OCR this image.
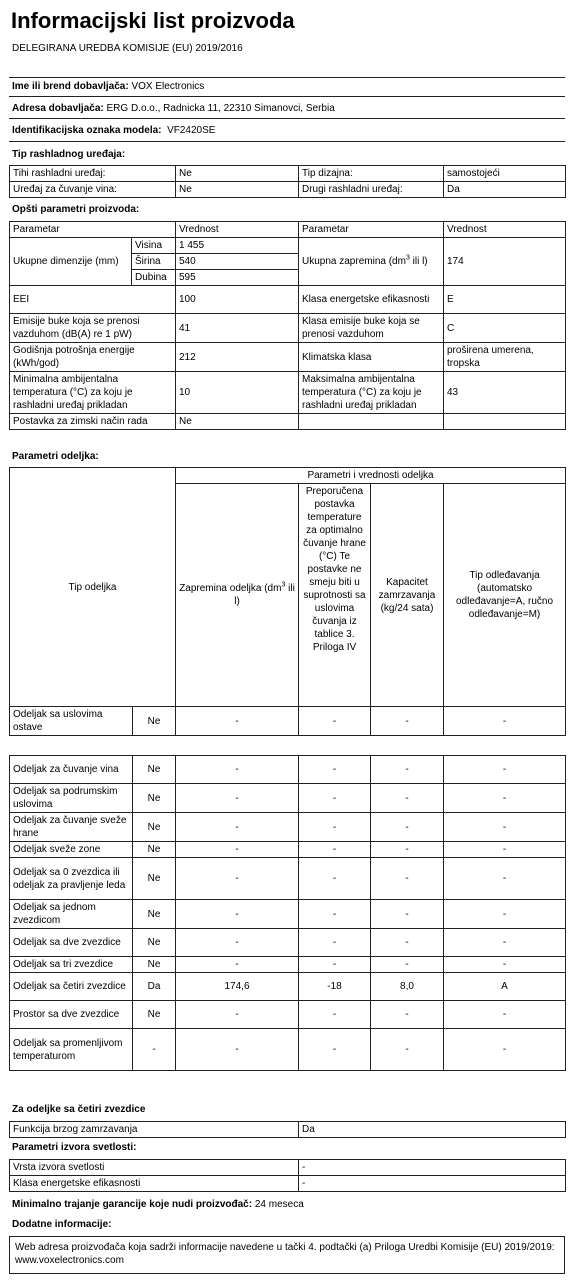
Informacijski list proizvoda
DELEGIRANA UREDBA KOMISIJE (EU) 2019/2016
Ime ili brend dobavljača: VOX Electronics
Adresa dobavljača: ERG D.o.o., Radnicka 11, 22310 Simanovci, Serbia
Identifikacijska oznaka modela: VF2420SE
Tip rashladnog uređaja:
Tihi rashladni uređaj:	Ne	Tip dizajna:	samostojeći
Uređaj za čuvanje vina:	Ne	Drugi rashladni uređaj:	Da
Opšti parametri proizvoda:
Parametar		Vrednost	Parametar	Vrednost
Ukupne dimenzije (mm)	Visina	1 455	Ukupna zapremina ($dm^3$ ili l)	174
	Širina	540		
	Dubina	595		
EEI		100	Klasa energetske efikasnosti	E
Emisije buke koja se prenosi vazduhom (dB(A) re 1 pW)		41	Klasa emisije buke koja se prenosi vazduhom	C
Godišnja potrošnja energije (kWh/god)		212	Klimatska klasa	proširena umerena, tropska
Minimalna ambijentalna temperatura (°C) za koju je rashladni uređaj prikladan		10	Maksimalna ambijentalna temperatura (°C) za koju je rashladni uređaj prikladan	43
Postavka za zimski način rada		Ne		
Parametri odeljka:
Tip odeljka		Parametri i vrednosti odeljka			
		Zapremina odeljka ($dm^3$ ili l)	Preporučena postavka temperature za optimalno čuvanje hrane (°C) Te postavke ne smeju biti u suprotnosti sa uslovima čuvanja iz tablice 3. Priloga IV	Kapacitet zamrzavanja (kg/24 sata)	Tip odleđavanja (automatsko odleđavanje=A, ručno odleđavanje=M)
Odeljak sa uslovima ostave	Ne	-	-	-	-
Odeljak za čuvanje vina	Ne	-	-	-	-
Odeljak sa podrumskim uslovima	Ne	-	-	-	-
Odeljak za čuvanje sveže hrane	Ne	-	-	-	-
Odeljak sveže zone	Ne	-	-	-	-
Odeljak sa 0 zvezdica ili odeljak za pravljenje leda	Ne	-	-	-	-
Odeljak sa jednom zvezdicom	Ne	-	-	-	-
Odeljak sa dve zvezdice	Ne	-	-	-	-
Odeljak sa tri zvezdice	Ne	-	-	-	-
Odeljak sa četiri zvezdice	Da	174,6	-18	8,0	A
Prostor sa dve zvezdice	Ne	-	-	-	-
Odeljak sa promenljivom temperaturom	-	-	-	-	-
Za odeljke sa četiri zvezdice
Funkcija brzog zamrzavanja	Da
Parametri izvora svetlosti:
Vrsta izvora svetlosti	-
Klasa energetske efikasnosti	-
Minimalno trajanje garancije koje nudi proizvođač: 24 meseca
Dodatne informacije:
Web adresa proizvođača koja sadrži informacije navedene u tački 4. podtački (a) Priloga Uredbi Komisije (EU) 2019/2019: www.voxelectronics.com
